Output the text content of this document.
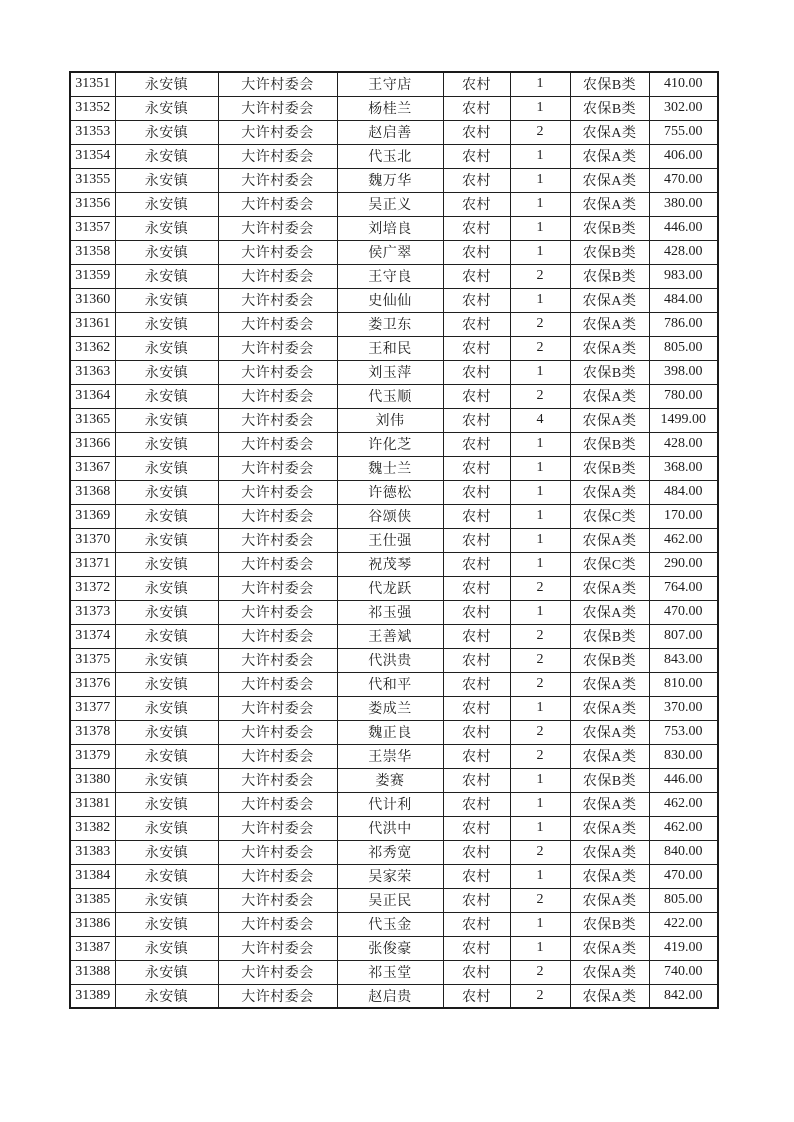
31351	永安镇	大许村委会	王守店	农村	1	农保B类	410.00
31352	永安镇	大许村委会	杨桂兰	农村	1	农保B类	302.00
31353	永安镇	大许村委会	赵启善	农村	2	农保A类	755.00
31354	永安镇	大许村委会	代玉北	农村	1	农保A类	406.00
31355	永安镇	大许村委会	魏万华	农村	1	农保A类	470.00
31356	永安镇	大许村委会	吴正义	农村	1	农保A类	380.00
31357	永安镇	大许村委会	刘培良	农村	1	农保B类	446.00
31358	永安镇	大许村委会	侯广翠	农村	1	农保B类	428.00
31359	永安镇	大许村委会	王守良	农村	2	农保B类	983.00
31360	永安镇	大许村委会	史仙仙	农村	1	农保A类	484.00
31361	永安镇	大许村委会	娄卫东	农村	2	农保A类	786.00
31362	永安镇	大许村委会	王和民	农村	2	农保A类	805.00
31363	永安镇	大许村委会	刘玉萍	农村	1	农保B类	398.00
31364	永安镇	大许村委会	代玉顺	农村	2	农保A类	780.00
31365	永安镇	大许村委会	刘伟	农村	4	农保A类	1499.00
31366	永安镇	大许村委会	许化芝	农村	1	农保B类	428.00
31367	永安镇	大许村委会	魏士兰	农村	1	农保B类	368.00
31368	永安镇	大许村委会	许德松	农村	1	农保A类	484.00
31369	永安镇	大许村委会	谷颂侠	农村	1	农保C类	170.00
31370	永安镇	大许村委会	王仕强	农村	1	农保A类	462.00
31371	永安镇	大许村委会	祝茂琴	农村	1	农保C类	290.00
31372	永安镇	大许村委会	代龙跃	农村	2	农保A类	764.00
31373	永安镇	大许村委会	祁玉强	农村	1	农保A类	470.00
31374	永安镇	大许村委会	王善斌	农村	2	农保B类	807.00
31375	永安镇	大许村委会	代洪贵	农村	2	农保B类	843.00
31376	永安镇	大许村委会	代和平	农村	2	农保A类	810.00
31377	永安镇	大许村委会	娄成兰	农村	1	农保A类	370.00
31378	永安镇	大许村委会	魏正良	农村	2	农保A类	753.00
31379	永安镇	大许村委会	王崇华	农村	2	农保A类	830.00
31380	永安镇	大许村委会	娄赛	农村	1	农保B类	446.00
31381	永安镇	大许村委会	代计利	农村	1	农保A类	462.00
31382	永安镇	大许村委会	代洪中	农村	1	农保A类	462.00
31383	永安镇	大许村委会	祁秀宽	农村	2	农保A类	840.00
31384	永安镇	大许村委会	吴家荣	农村	1	农保A类	470.00
31385	永安镇	大许村委会	吴正民	农村	2	农保A类	805.00
31386	永安镇	大许村委会	代玉金	农村	1	农保B类	422.00
31387	永安镇	大许村委会	张俊豪	农村	1	农保A类	419.00
31388	永安镇	大许村委会	祁玉堂	农村	2	农保A类	740.00
31389	永安镇	大许村委会	赵启贵	农村	2	农保A类	842.00
